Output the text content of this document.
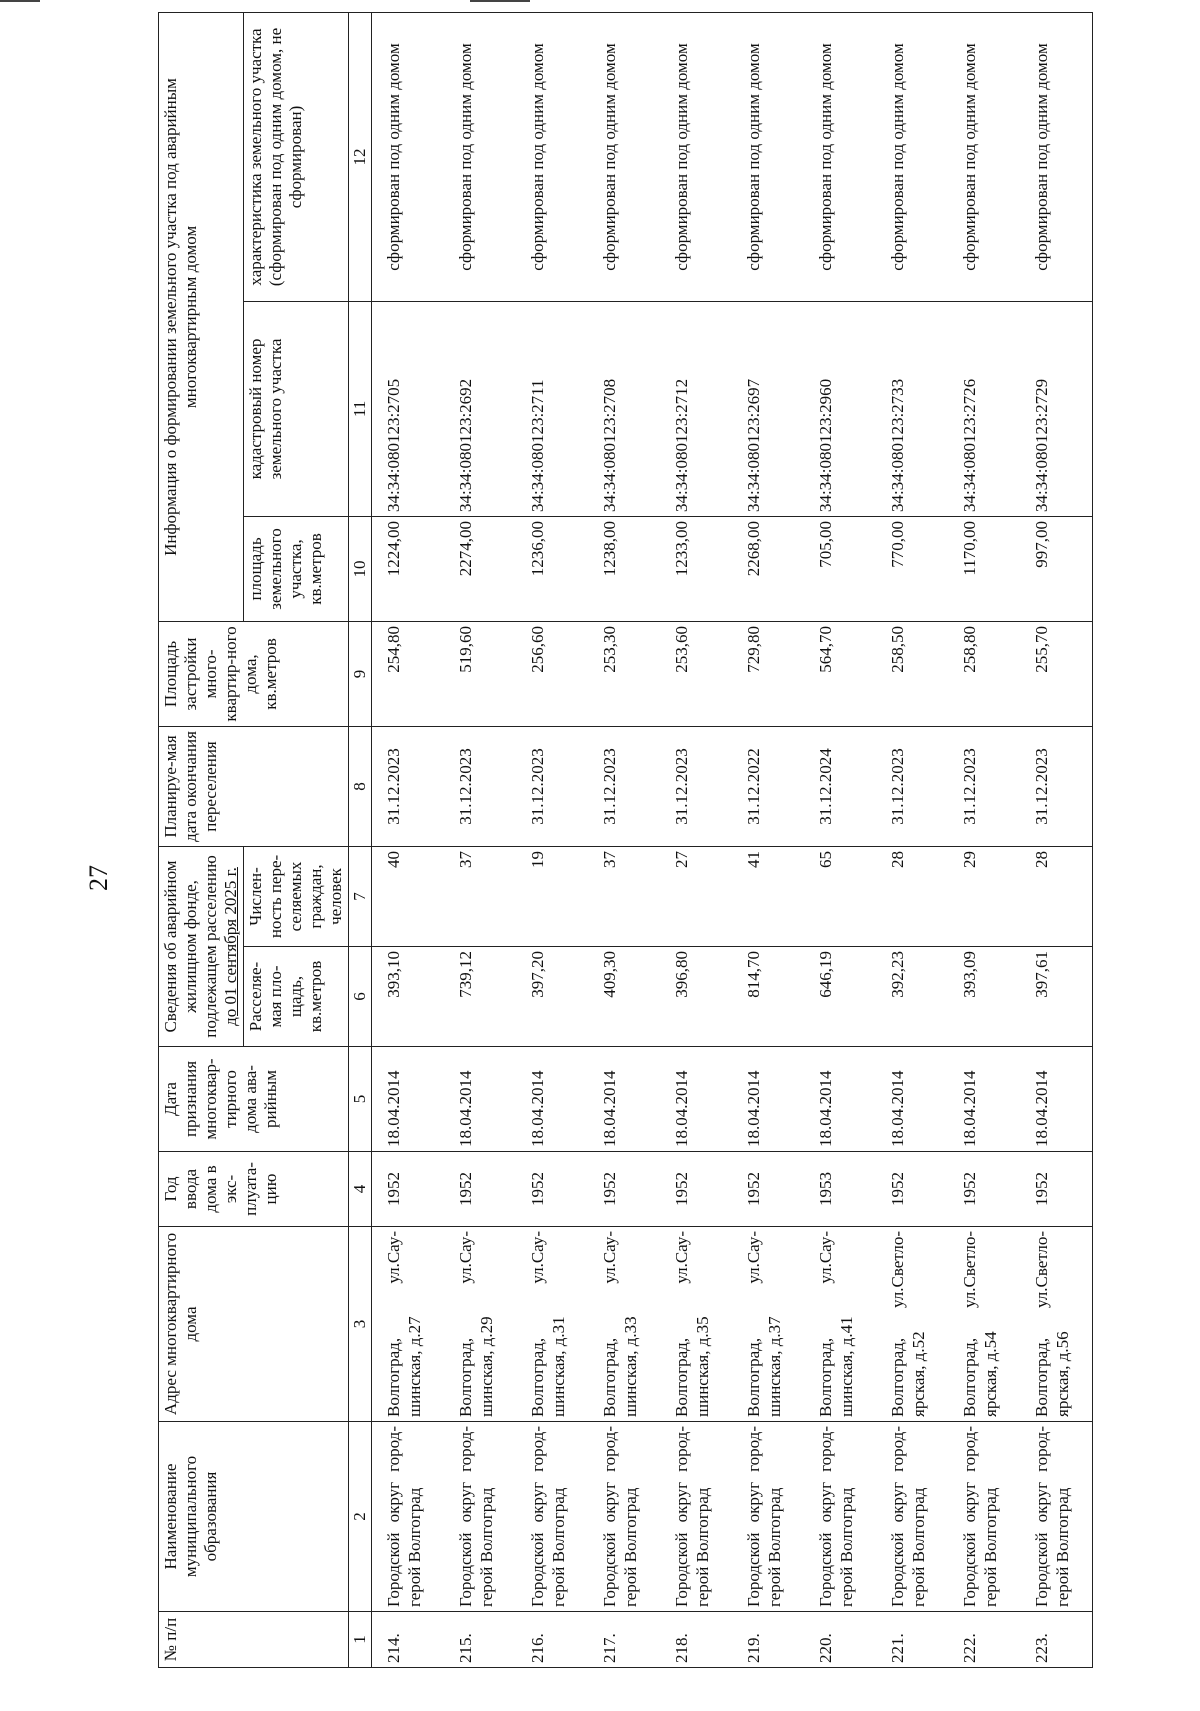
27
№ п/п	Наименование муниципального образования	Адрес многоквартирного дома	Год ввода дома в экс-плуата-цию	Дата признания многоквар-тирного дома ава-рийным	Сведения об аварийном жилищном фонде,
подлежащем расселению
до 01 сентября 2025 г.		Планируе-мая дата окончания переселения	Площадь застройки много-квартир-ного дома, кв.метров	Информация о формировании земельного участка под аварийным многоквартирным домом		
					Расселяе-мая пло-щадь, кв.метров	Числен-ность пере-селяемых граждан, человек			площадь земельного участка, кв.метров	кадастровый номер земельного участка	характеристика земельного участка (сформирован под одним домом, не сформирован)
1	2	3	4	5	6	7	8	9	10	11	12
214.	Городской округ город-герой Волгоград	Волгоград, ул.Сау-шинская, д.27	1952	18.04.2014	393,10	40	31.12.2023	254,80	1224,00	34:34:080123:2705	сформирован под одним домом
215.	Городской округ город-герой Волгоград	Волгоград, ул.Сау-шинская, д.29	1952	18.04.2014	739,12	37	31.12.2023	519,60	2274,00	34:34:080123:2692	сформирован под одним домом
216.	Городской округ город-герой Волгоград	Волгоград, ул.Сау-шинская, д.31	1952	18.04.2014	397,20	19	31.12.2023	256,60	1236,00	34:34:080123:2711	сформирован под одним домом
217.	Городской округ город-герой Волгоград	Волгоград, ул.Сау-шинская, д.33	1952	18.04.2014	409,30	37	31.12.2023	253,30	1238,00	34:34:080123:2708	сформирован под одним домом
218.	Городской округ город-герой Волгоград	Волгоград, ул.Сау-шинская, д.35	1952	18.04.2014	396,80	27	31.12.2023	253,60	1233,00	34:34:080123:2712	сформирован под одним домом
219.	Городской округ город-герой Волгоград	Волгоград, ул.Сау-шинская, д.37	1952	18.04.2014	814,70	41	31.12.2022	729,80	2268,00	34:34:080123:2697	сформирован под одним домом
220.	Городской округ город-герой Волгоград	Волгоград, ул.Сау-шинская, д.41	1953	18.04.2014	646,19	65	31.12.2024	564,70	705,00	34:34:080123:2960	сформирован под одним домом
221.	Городской округ город-герой Волгоград	Волгоград, ул.Светло-ярская, д.52	1952	18.04.2014	392,23	28	31.12.2023	258,50	770,00	34:34:080123:2733	сформирован под одним домом
222.	Городской округ город-герой Волгоград	Волгоград, ул.Светло-ярская, д.54	1952	18.04.2014	393,09	29	31.12.2023	258,80	1170,00	34:34:080123:2726	сформирован под одним домом
223.	Городской округ город-герой Волгоград	Волгоград, ул.Светло-ярская, д.56	1952	18.04.2014	397,61	28	31.12.2023	255,70	997,00	34:34:080123:2729	сформирован под одним домом
